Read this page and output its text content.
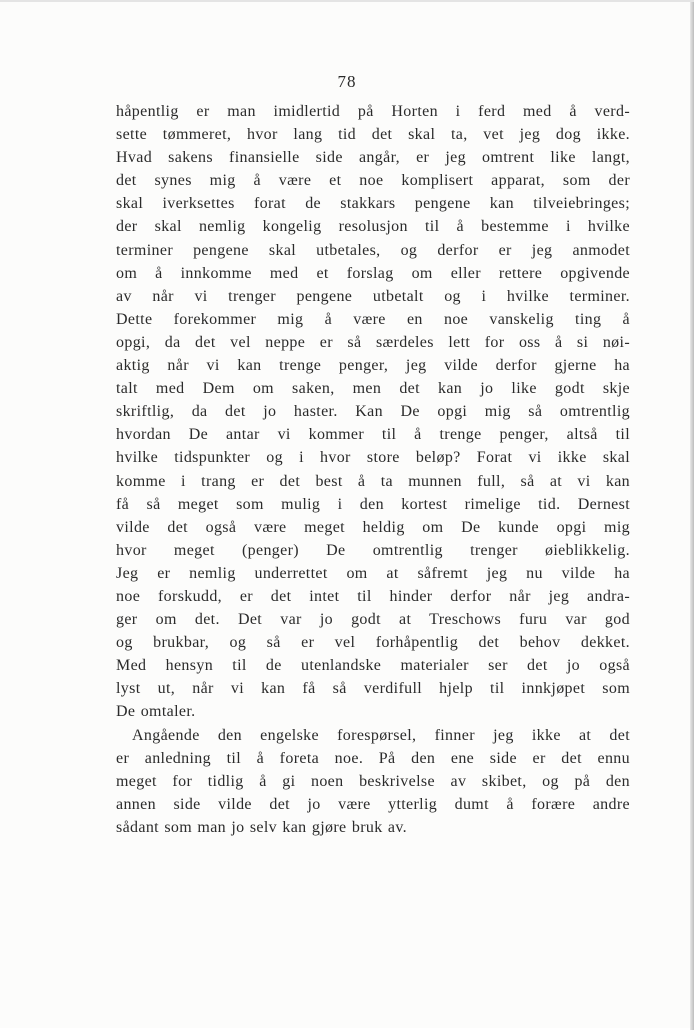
78
håpentlig er man imidlertid på Horten i ferd med å verd-
sette tømmeret, hvor lang tid det skal ta, vet jeg dog ikke.
Hvad sakens finansielle side angår, er jeg omtrent like langt,
det synes mig å være et noe komplisert apparat, som der
skal iverksettes forat de stakkars pengene kan tilveiebringes;
der skal nemlig kongelig resolusjon til å bestemme i hvilke
terminer pengene skal utbetales, og derfor er jeg anmodet
om å innkomme med et forslag om eller rettere opgivende
av når vi trenger pengene utbetalt og i hvilke terminer.
Dette forekommer mig å være en noe vanskelig ting å
opgi, da det vel neppe er så særdeles lett for oss å si nøi-
aktig når vi kan trenge penger, jeg vilde derfor gjerne ha
talt med Dem om saken, men det kan jo like godt skje
skriftlig, da det jo haster. Kan De opgi mig så omtrentlig
hvordan De antar vi kommer til å trenge penger, altså til
hvilke tidspunkter og i hvor store beløp? Forat vi ikke skal
komme i trang er det best å ta munnen full, så at vi kan
få så meget som mulig i den kortest rimelige tid. Dernest
vilde det også være meget heldig om De kunde opgi mig
hvor meget (penger) De omtrentlig trenger øieblikkelig.
Jeg er nemlig underrettet om at såfremt jeg nu vilde ha
noe forskudd, er det intet til hinder derfor når jeg andra-
ger om det. Det var jo godt at Treschows furu var god
og brukbar, og så er vel forhåpentlig det behov dekket.
Med hensyn til de utenlandske materialer ser det jo også
lyst ut, når vi kan få så verdifull hjelp til innkjøpet som
De omtaler.
Angående den engelske forespørsel, finner jeg ikke at det
er anledning til å foreta noe. På den ene side er det ennu
meget for tidlig å gi noen beskrivelse av skibet, og på den
annen side vilde det jo være ytterlig dumt å forære andre
sådant som man jo selv kan gjøre bruk av.
